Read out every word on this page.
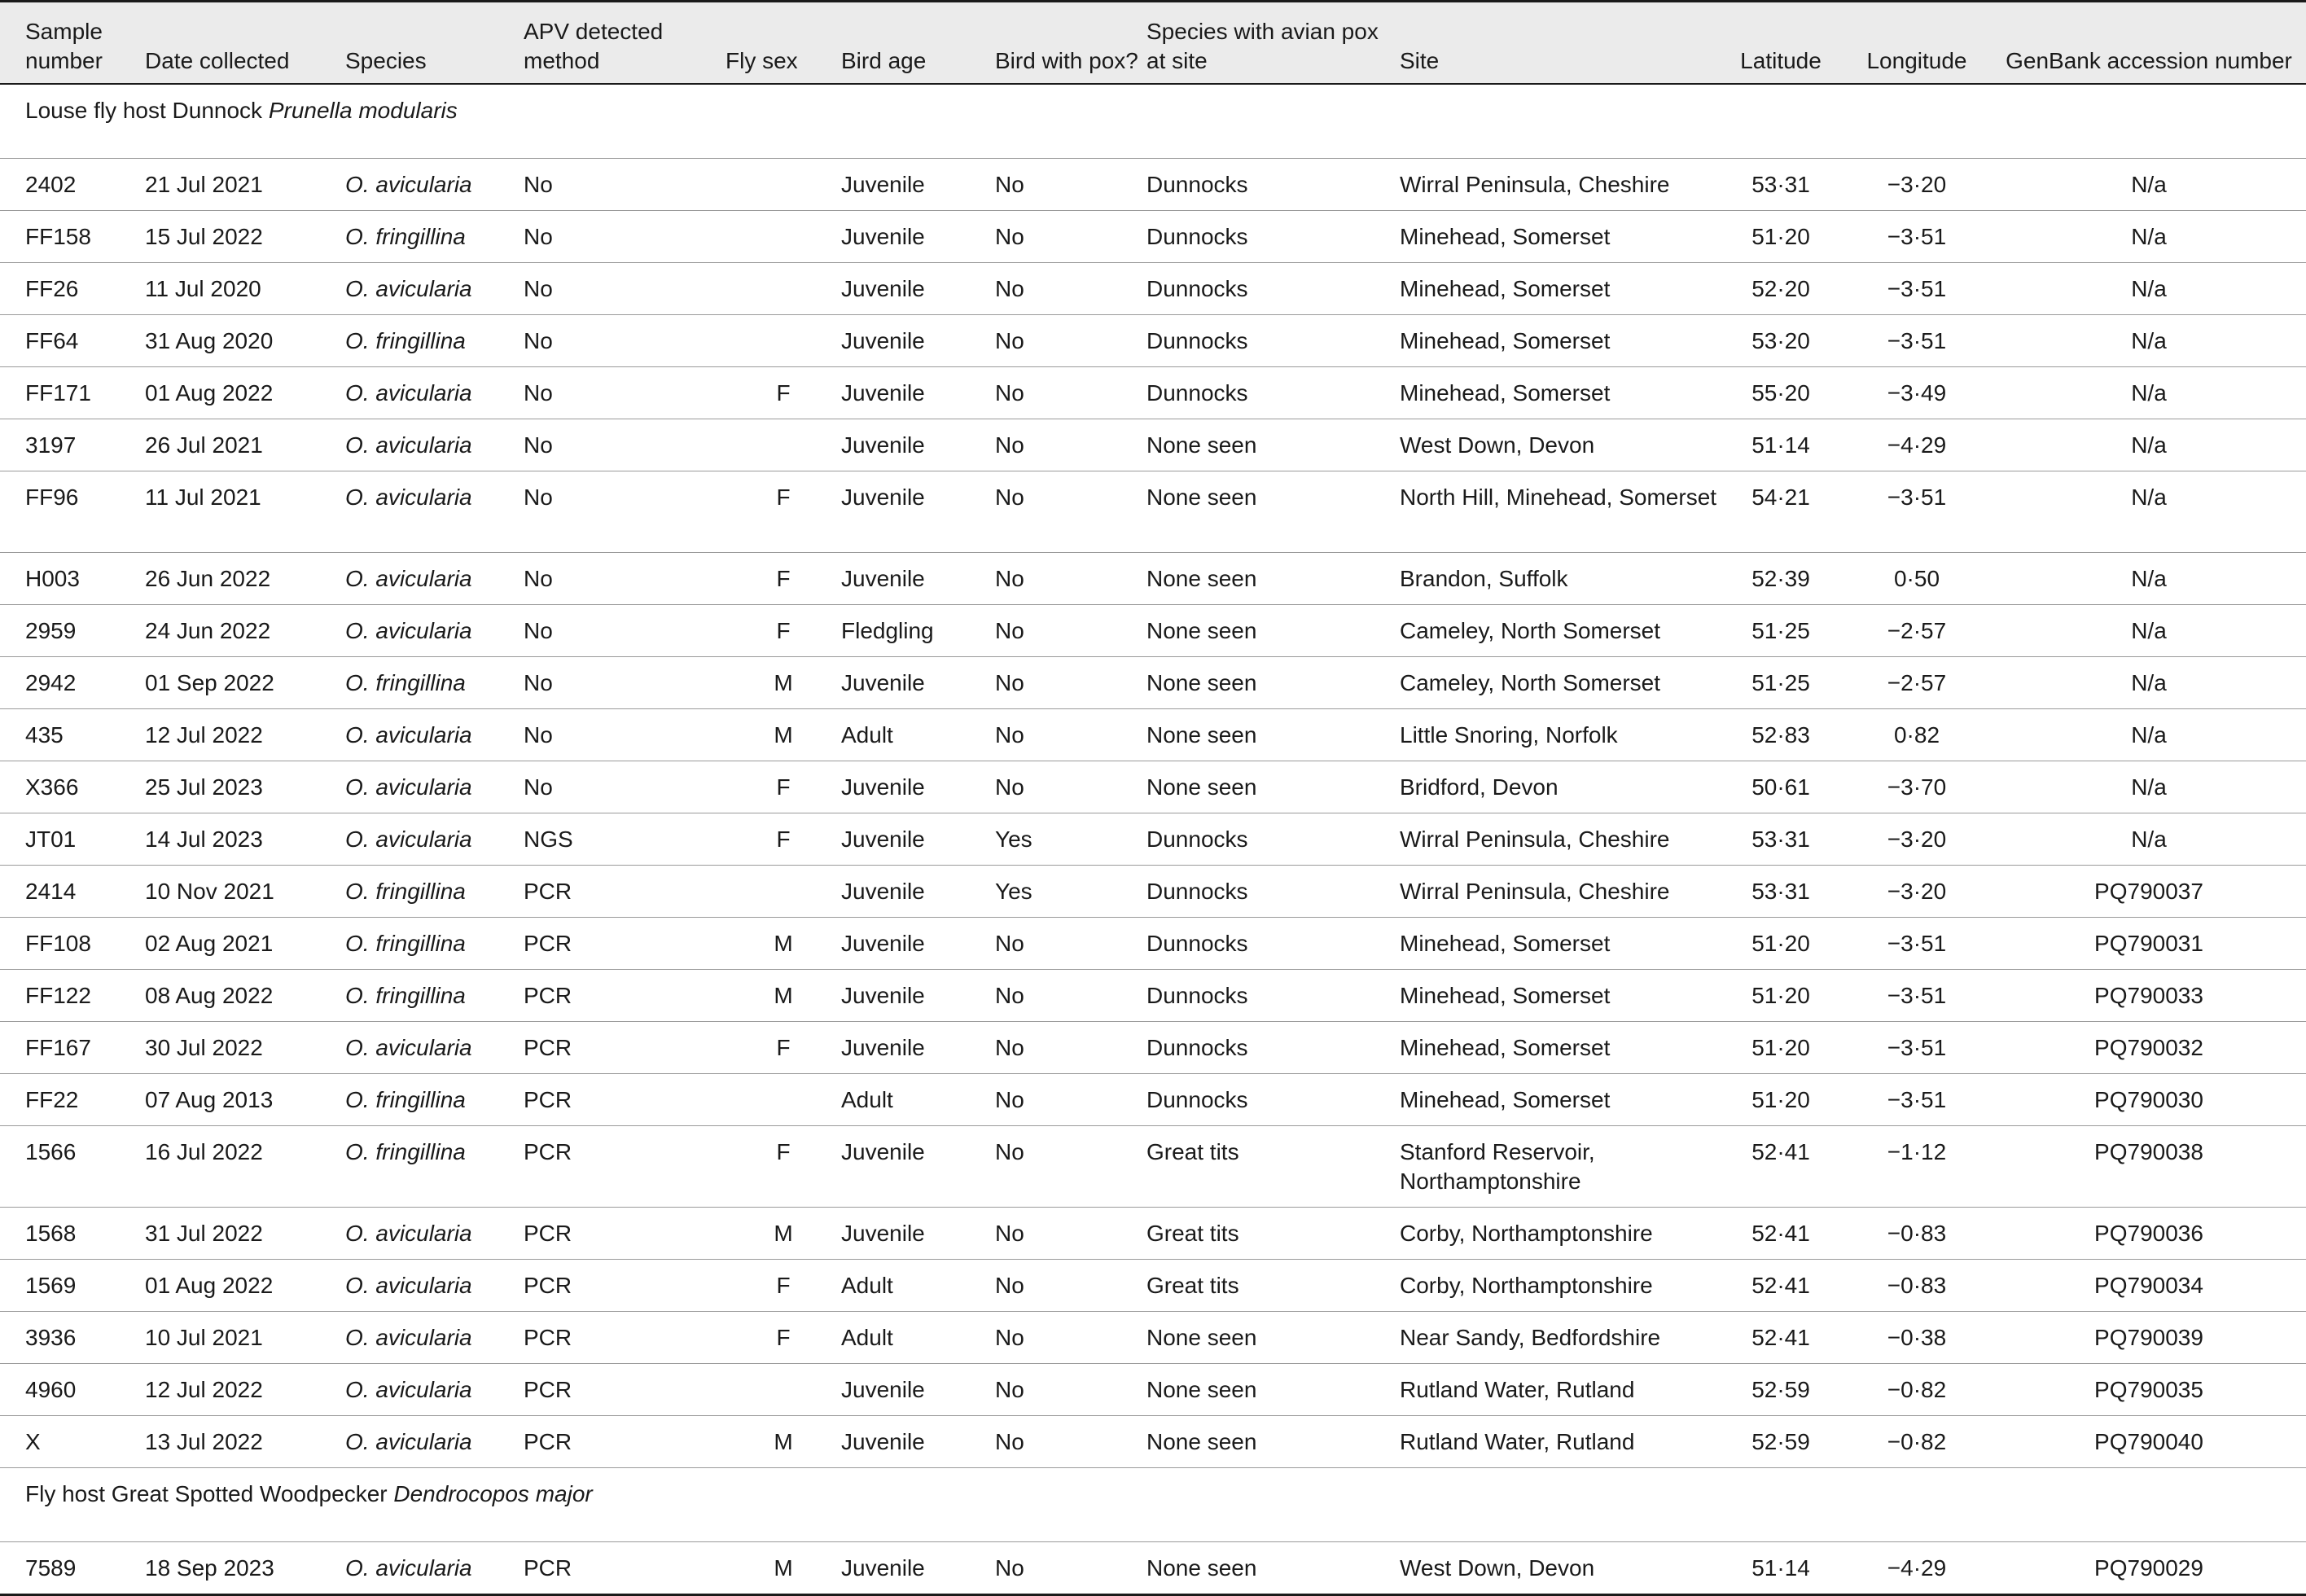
Sample number	Date collected	Species	APV detected method	Fly sex	Bird age	Bird with pox?	Species with avian pox at site	Site	Latitude	Longitude	GenBank accession number
Louse fly host Dunnock Prunella modularis											
2402	21 Jul 2021	O. avicularia	No		Juvenile	No	Dunnocks	Wirral Peninsula, Cheshire	53·31	−3·20	N/a
FF158	15 Jul 2022	O. fringillina	No		Juvenile	No	Dunnocks	Minehead, Somerset	51·20	−3·51	N/a
FF26	11 Jul 2020	O. avicularia	No		Juvenile	No	Dunnocks	Minehead, Somerset	52·20	−3·51	N/a
FF64	31 Aug 2020	O. fringillina	No		Juvenile	No	Dunnocks	Minehead, Somerset	53·20	−3·51	N/a
FF171	01 Aug 2022	O. avicularia	No	F	Juvenile	No	Dunnocks	Minehead, Somerset	55·20	−3·49	N/a
3197	26 Jul 2021	O. avicularia	No		Juvenile	No	None seen	West Down, Devon	51·14	−4·29	N/a
FF96	11 Jul 2021	O. avicularia	No	F	Juvenile	No	None seen	North Hill, Minehead, Somerset	54·21	−3·51	N/a
H003	26 Jun 2022	O. avicularia	No	F	Juvenile	No	None seen	Brandon, Suffolk	52·39	0·50	N/a
2959	24 Jun 2022	O. avicularia	No	F	Fledgling	No	None seen	Cameley, North Somerset	51·25	−2·57	N/a
2942	01 Sep 2022	O. fringillina	No	M	Juvenile	No	None seen	Cameley, North Somerset	51·25	−2·57	N/a
435	12 Jul 2022	O. avicularia	No	M	Adult	No	None seen	Little Snoring, Norfolk	52·83	0·82	N/a
X366	25 Jul 2023	O. avicularia	No	F	Juvenile	No	None seen	Bridford, Devon	50·61	−3·70	N/a
JT01	14 Jul 2023	O. avicularia	NGS	F	Juvenile	Yes	Dunnocks	Wirral Peninsula, Cheshire	53·31	−3·20	N/a
2414	10 Nov 2021	O. fringillina	PCR		Juvenile	Yes	Dunnocks	Wirral Peninsula, Cheshire	53·31	−3·20	PQ790037
FF108	02 Aug 2021	O. fringillina	PCR	M	Juvenile	No	Dunnocks	Minehead, Somerset	51·20	−3·51	PQ790031
FF122	08 Aug 2022	O. fringillina	PCR	M	Juvenile	No	Dunnocks	Minehead, Somerset	51·20	−3·51	PQ790033
FF167	30 Jul 2022	O. avicularia	PCR	F	Juvenile	No	Dunnocks	Minehead, Somerset	51·20	−3·51	PQ790032
FF22	07 Aug 2013	O. fringillina	PCR		Adult	No	Dunnocks	Minehead, Somerset	51·20	−3·51	PQ790030
1566	16 Jul 2022	O. fringillina	PCR	F	Juvenile	No	Great tits	Stanford Reservoir, Northamptonshire	52·41	−1·12	PQ790038
1568	31 Jul 2022	O. avicularia	PCR	M	Juvenile	No	Great tits	Corby, Northamptonshire	52·41	−0·83	PQ790036
1569	01 Aug 2022	O. avicularia	PCR	F	Adult	No	Great tits	Corby, Northamptonshire	52·41	−0·83	PQ790034
3936	10 Jul 2021	O. avicularia	PCR	F	Adult	No	None seen	Near Sandy, Bedfordshire	52·41	−0·38	PQ790039
4960	12 Jul 2022	O. avicularia	PCR		Juvenile	No	None seen	Rutland Water, Rutland	52·59	−0·82	PQ790035
X	13 Jul 2022	O. avicularia	PCR	M	Juvenile	No	None seen	Rutland Water, Rutland	52·59	−0·82	PQ790040
Fly host Great Spotted Woodpecker Dendrocopos major											
7589	18 Sep 2023	O. avicularia	PCR	M	Juvenile	No	None seen	West Down, Devon	51·14	−4·29	PQ790029
